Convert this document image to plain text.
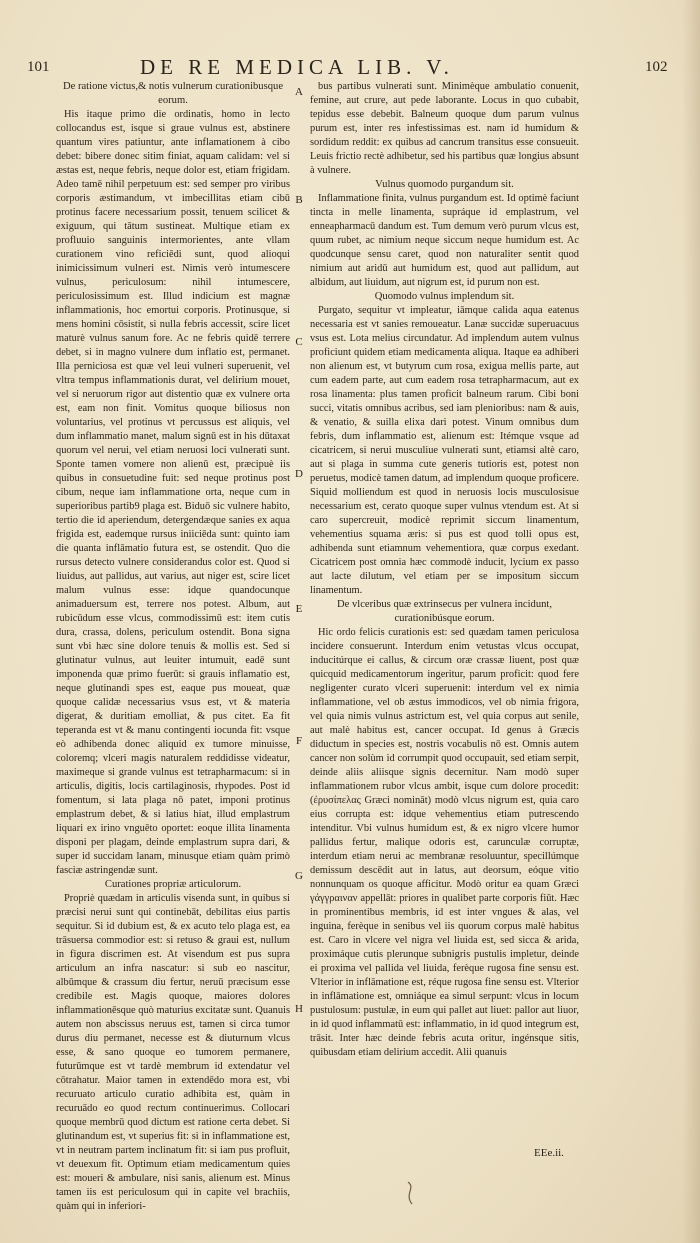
101	DE RE MEDICA LIB. V.	102
De ratione victus,& notis vulnerum curationibusque eorum.

His itaque primo die ordinatis, homo in lecto collocandus est, isque si graue vulnus est, abstinere quantum vires patiuntur, ante inflamationem à cibo debet: bibere donec sitim finiat, aquam calidam: vel si æstas est, neque febris, neque dolor est, etiam frigidam. Adeo tamē nihil perpetuum est: sed semper pro viribus corporis æstimandum, vt imbecillitas etiam cibū protinus facere necessarium possit, tenuem scilicet & exiguum, qui tātum sustineat. Multique etiam ex profluuio sanguinis intermorientes, ante vllam curationem vino reficiēdi sunt, quod alioqui inimicissimum vulneri est. Nimis verò intumescere vulnus, periculosum: nihil intumescere, periculosissimum est. Illud indicium est magnæ inflammationis, hoc emortui corporis. Protinusque, si mens homini cōsistit, si nulla febris accessit, scire licet maturè vulnus sanum fore. Ac ne febris quidē terrere debet, si in magno vulnere dum inflatio est, permanet. Illa perniciosa est quæ vel leui vulneri superuenit, vel vltra tempus inflammationis durat, vel delirium mouet, vel si neruorum rigor aut distentio quæ ex vulnere orta est, eam non finit. Vomitus quoque biliosus non voluntarius, vel protinus vt percussus est aliquis, vel dum inflammatio manet, malum signū est in his dūtaxat quorum vel nerui, vel etiam neruosi loci vulnerati sunt. Sponte tamen vomere non alienū est, præcipuè iis quibus in consuetudine fuit: sed neque protinus post cibum, neque iam inflammatione orta, neque cum in superioribus partib9 plaga est. Biduō sic vulnere habito, tertio die id aperiendum, detergendæque sanies ex aqua frigida est, eademque rursus iniiciēda sunt: quinto iam die quanta inflāmatio futura est, se ostendit. Quo die rursus detecto vulnere considerandus color est. Quod si liuidus, aut pallidus, aut varius, aut niger est, scire licet malum vulnus esse: idque quandocunque animaduersum est, terrere nos potest. Album, aut rubicūdum esse vlcus, commodissimū est: item cutis dura, crassa, dolens, periculum ostendit. Bona signa sunt vbi hæc sine dolore tenuis & mollis est. Sed si glutinatur vulnus, aut leuiter intumuit, eadē sunt imponenda quæ primo fuerūt: si grauis inflamatio est, neque glutinandi spes est, eaque pus moueat, quæ quoque calidæ necessarius vsus est, vt & materia digerat, & duritiam emolliat, & pus citet. Ea fit teperanda est vt & manu contingenti iocunda fit: vsque eò adhibenda donec aliquid ex tumore minuisse, coloremq; vlceri magis naturalem reddidisse videatur, maximeque si grande vulnus est tetrapharmacum: si in articulis, digitis, locis cartilaginosis, rhypodes. Post id fomentum, si lata plaga nō patet, imponi protinus emplastrum debet, & si latius hiat, illud emplastrum liquari ex irino vnguēto oportet: eoque illita linamenta disponi per plagam, deinde emplastrum supra dari, & super id succidam lanam, minusque etiam quàm primò fasciæ astringendæ sunt.

Curationes propriæ articulorum.

Propriè quædam in articulis visenda sunt, in quibus si præcisi nerui sunt qui continebāt, debilitas eius partis sequitur. Si id dubium est, & ex acuto telo plaga est, ea trāsuersa commodior est: si retuso & graui est, nullum in figura discrimen est. At visendum est pus supra articulum an infra nascatur: si sub eo nascitur, albūmque & crassum diu fertur, neruū præcisum esse credibile est. Magis quoque, maiores dolores inflammationēsque quò maturius excitatæ sunt. Quanuis autem non abscissus neruus est, tamen si circa tumor durus diu permanet, necesse est & diuturnum vlcus esse, & sano quoque eo tumorem permanere, futurūmque est vt tardè membrum id extendatur vel cōtrahatur. Maior tamen in extendēdo mora est, vbi recuruato articulo curatio adhibita est, quàm in recuruādo eo quod rectum continuerimus. Collocari quoque membrū quod dictum est ratione certa debet. Si glutinandum est, vt superius fit: si in inflammatione est, vt in neutram partem inclinatum fit: si iam pus profluit, vt deuexum fit. Optimum etiam medicamentum quies est: moueri & ambulare, nisi sanis, alienum est. Minus tamen iis est periculosum qui in capite vel brachiis, quàm qui in inferiori-

bus partibus vulnerati sunt. Minimèque ambulatio conuenit, femine, aut crure, aut pede laborante. Locus in quo cubabit, tepidus esse debebit. Balneum quoque dum parum vulnus purum est, inter res infestissimas est. nam id humidum & sordidum reddit: ex quibus ad cancrum transitus esse consueuit. Leuis frictio rectè adhibetur, sed his partibus quæ longius absunt à vulnere.

Vulnus quomodo purgandum sit.

Inflammatione finita, vulnus purgandum est. Id optimè faciunt tincta in melle linamenta, supráque id emplastrum, vel enneapharmacū dandum est. Tum demum verò purum vlcus est, quum rubet, ac nimium neque siccum neque humidum est. Ac quodcunque sensu caret, quod non naturaliter sentit quod nimium aut aridū aut humidum est, quod aut pallidum, aut albidum, aut liuidum, aut nigrum est, id purum non est.

Quomodo vulnus implendum sit.

Purgato, sequitur vt impleatur, iāmque calida aqua eatenus necessaria est vt sanies remoueatur. Lanæ succidæ superuacuus vsus est. Lota melius circundatur. Ad implendum autem vulnus proficiunt quidem etiam medicamenta aliqua. Itaque ea adhiberi non alienum est, vt butyrum cum rosa, exigua mellis parte, aut cum eadem parte, aut cum eadem rosa tetrapharmacum, aut ex rosa linamenta: plus tamen proficit balneum rarum. Cibi boni succi, vitatis omnibus acribus, sed iam plenioribus: nam & auis, & venatio, & suilla elixa dari potest. Vinum omnibus dum febris, dum inflammatio est, alienum est: Itémque vsque ad cicatricem, si nerui musculiue vulnerati sunt, etiamsi altè caro, aut si plaga in summa cute generis tutioris est, potest non peruetus, modicè tamen datum, ad implendum quoque proficere. Siquid molliendum est quod in neruosis locis musculosisue necessarium est, cerato quoque super vulnus vtendum est. At si caro supercreuit, modicè reprimit siccum linamentum, vehementius squama æris: si pus est quod tolli opus est, adhibenda sunt etiamnum vehementiora, quæ corpus exedant. Cicatricem post omnia hæc commodè inducit, lycium ex passo aut lacte dilutum, vel etiam per se impositum siccum linamentum.

De vlceribus quæ extrinsecus per vulnera incidunt, curationibúsque eorum.

Hic ordo felicis curationis est: sed quædam tamen periculosa incidere consuerunt. Interdum enim vetustas vlcus occupat, inducitúrque ei callus, & circum oræ crassæ liuent, post quæ quicquid medicamentorum ingeritur, parum proficit: quod fere negligenter curato vlceri superuenit: interdum vel ex nimia inflammatione, vel ob æstus immodicos, vel ob nimia frigora, vel quia nimis vulnus astrictum est, vel quia corpus aut senile, aut malè habitus est, cancer occupat. Id genus à Græcis diductum in species est, nostris vocabulis nō est. Omnis autem cancer non solùm id corrumpit quod occupauit, sed etiam serpit, deinde aliis aliisque signis decernitur. Nam modò super inflammationem rubor vlcus ambit, isque cum dolore procedit: (ἐρυσίπελας Græci nomināt) modò vlcus nigrum est, quia caro eius corrupta est: idque vehementius etiam putrescendo intenditur. Vbi vulnus humidum est, & ex nigro vlcere humor pallidus fertur, malique odoris est, carunculæ corruptæ, interdum etiam nerui ac membranæ resoluuntur, specillúmque demissum descēdit aut in latus, aut deorsum, eóque vitio nonnunquam os quoque afficitur. Modò oritur ea quam Græci γάγγραιναν appellāt: priores in qualibet parte corporis fiūt. Hæc in prominentibus membris, id est inter vngues & alas, vel inguina, ferèque in senibus vel iis quorum corpus malè habitus est. Caro in vlcere vel nigra vel liuida est, sed sicca & arida, proximáque cutis plerunque subnigris pustulis impletur, deinde ei proxima vel pallida vel liuida, ferèque rugosa fine sensu est. Vlterior in inflāmatione est, réque rugosa fine sensu est. Vlterior in inflāmatione est, omniáque ea simul serpunt: vlcus in locum pustulosum: pustulæ, in eum qui pallet aut liuet: pallor aut liuor, in id quod inflammatū est: inflammatio, in id quod integrum est, trāsit. Inter hæc deinde febris acuta oritur, ingénsque sitis, quibusdam etiam delirium accedit. Alii quanuis

A
B
C
D
E
F
G
H
EEe.ii.
